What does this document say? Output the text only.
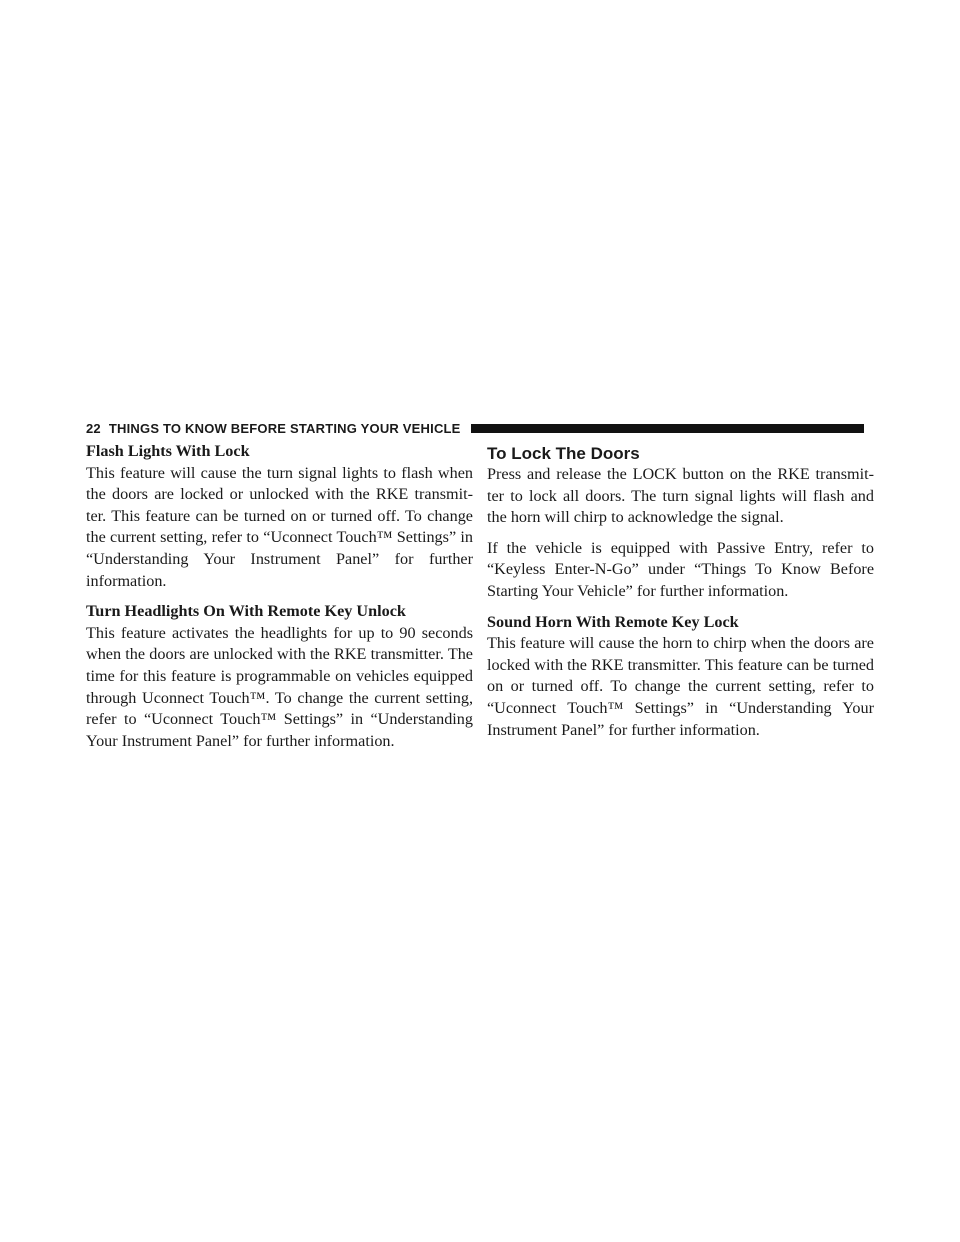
22 THINGS TO KNOW BEFORE STARTING YOUR VEHICLE
Flash Lights With Lock

This feature will cause the turn signal lights to flash when the doors are locked or unlocked with the RKE transmit- ter. This feature can be turned on or turned off. To change the current setting, refer to “Uconnect Touch™ Settings” in “Understanding Your Instrument Panel” for further information.

Turn Headlights On With Remote Key Unlock

This feature activates the headlights for up to 90 seconds when the doors are unlocked with the RKE transmitter. The time for this feature is programmable on vehicles equipped through Uconnect Touch™. To change the current setting, refer to “Uconnect Touch™ Settings” in “Understanding Your Instrument Panel” for further information.

To Lock The Doors

Press and release the LOCK button on the RKE transmit- ter to lock all doors. The turn signal lights will flash and the horn will chirp to acknowledge the signal.

If the vehicle is equipped with Passive Entry, refer to “Keyless Enter-N-Go” under “Things To Know Before Starting Your Vehicle” for further information.

Sound Horn With Remote Key Lock

This feature will cause the horn to chirp when the doors are locked with the RKE transmitter. This feature can be turned on or turned off. To change the current setting, refer to “Uconnect Touch™ Settings” in “Understanding Your Instrument Panel” for further information.
